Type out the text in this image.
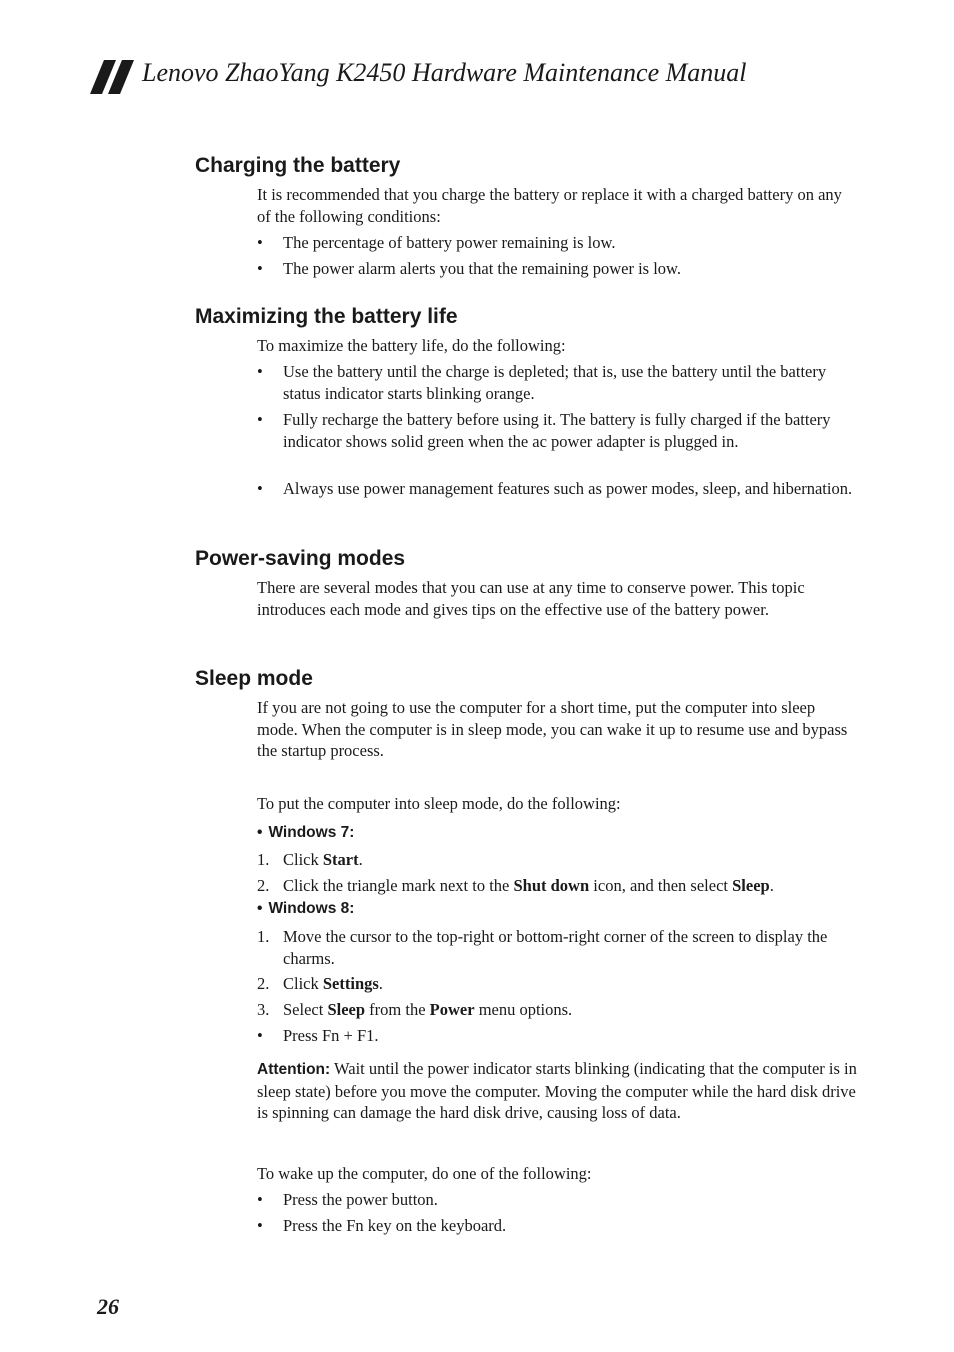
Lenovo ZhaoYang K2450 Hardware Maintenance Manual
Charging the battery
It is recommended that you charge the battery or replace it with a charged battery on any of the following conditions:
•	The percentage of battery power remaining is low.
•	The power alarm alerts you that the remaining power is low.
Maximizing the battery life
To maximize the battery life, do the following:
•	Use the battery until the charge is depleted; that is, use the battery until the battery status indicator starts blinking orange.
•	Fully recharge the battery before using it. The battery is fully charged if the battery indicator shows solid green when the ac power adapter is plugged in.
•	Always use power management features such as power modes, sleep, and hibernation.
Power-saving modes
There are several modes that you can use at any time to conserve power. This topic introduces each mode and gives tips on the effective use of the battery power.
Sleep mode
If you are not going to use the computer for a short time, put the computer into sleep mode. When the computer is in sleep mode, you can wake it up to resume use and bypass the startup process.
To put the computer into sleep mode, do the following:
• Windows 7:
1. Click Start.
2. Click the triangle mark next to the Shut down icon, and then select Sleep.
• Windows 8:
1. Move the cursor to the top-right or bottom-right corner of the screen to display the charms.
2. Click Settings.
3. Select Sleep from the Power menu options.
•	Press Fn + F1.
Attention: Wait until the power indicator starts blinking (indicating that the computer is in sleep state) before you move the computer. Moving the computer while the hard disk drive is spinning can damage the hard disk drive, causing loss of data.
To wake up the computer, do one of the following:
•	Press the power button.
•	Press the Fn key on the keyboard.
26
